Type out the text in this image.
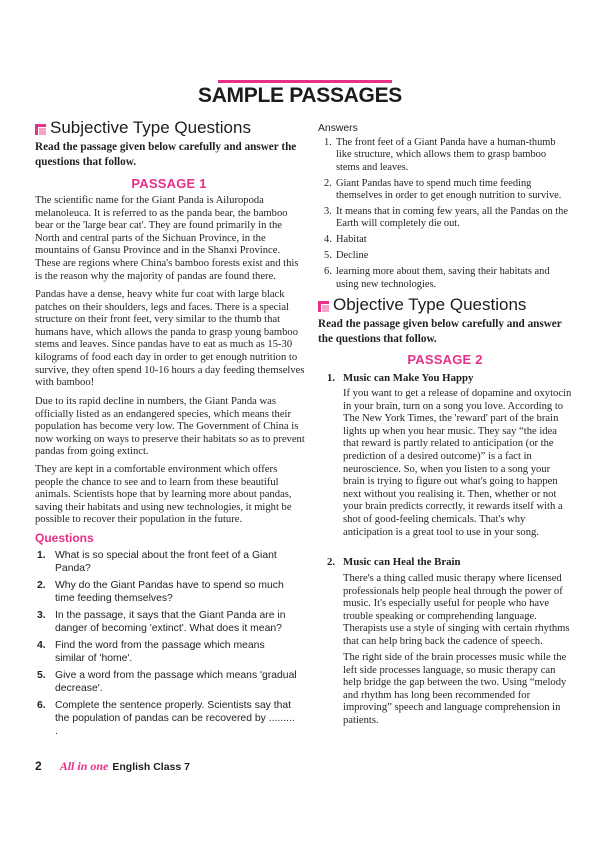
SAMPLE PASSAGES
Subjective Type Questions
Read the passage given below carefully and answer the questions that follow.
PASSAGE 1

The scientific name for the Giant Panda is Ailuropoda melanoleuca. It is referred to as the panda bear, the bamboo bear or the 'large bear cat'. They are found primarily in the North and central parts of the Sichuan Province, in the mountains of Gansu Province and in the Shanxi Province. These are regions where China's bamboo forests exist and this is the reason why the majority of pandas are found there.

Pandas have a dense, heavy white fur coat with large black patches on their shoulders, legs and faces. There is a special structure on their front feet, very similar to the thumb that humans have, which allows the panda to grasp young bamboo stems and leaves. Since pandas have to eat as much as 15-30 kilograms of food each day in order to get enough nutrition to survive, they often spend 10-16 hours a day feeding themselves with bamboo!

Due to its rapid decline in numbers, the Giant Panda was officially listed as an endangered species, which means their population has become very low. The Government of China is now working on ways to preserve their habitats so as to prevent pandas from going extinct.

They are kept in a comfortable environment which offers people the chance to see and to learn from these beautiful animals. Scientists hope that by learning more about pandas, saving their habitats and using new technologies, it might be possible to recover their population in the future.

Questions
1. What is so special about the front feet of a Giant Panda?
2. Why do the Giant Pandas have to spend so much time feeding themselves?
3. In the passage, it says that the Giant Panda are in danger of becoming 'extinct'. What does it mean?
4. Find the word from the passage which means similar of 'home'.
5. Give a word from the passage which means 'gradual decrease'.
6. Complete the sentence properly. Scientists say that the population of pandas can be recovered by ......... .
Answers
1. The front feet of a Giant Panda have a human-thumb like structure, which allows them to grasp bamboo stems and leaves.
2. Giant Pandas have to spend much time feeding themselves in order to get enough nutrition to survive.
3. It means that in coming few years, all the Pandas on the Earth will completely die out.
4. Habitat
5. Decline
6. learning more about them, saving their habitats and using new technologies.
Objective Type Questions
Read the passage given below carefully and answer the questions that follow.
PASSAGE 2
1. Music can Make You Happy

If you want to get a release of dopamine and oxytocin in your brain, turn on a song you love. According to The New York Times, the 'reward' part of the brain lights up when you hear music. They say “the idea that reward is partly related to anticipation (or the prediction of a desired outcome)” is a fact in neuroscience. So, when you listen to a song your brain is trying to figure out what's going to happen next without you realising it. Then, whether or not your brain predicts correctly, it rewards itself with a shot of good-feeling chemicals. That's why anticipation is a great tool to use in your song.

2. Music can Heal the Brain

There's a thing called music therapy where licensed professionals help people heal through the power of music. It's especially useful for people who have trouble speaking or comprehending language. Therapists use a style of singing with certain rhythms that can help bring back the cadence of speech.

The right side of the brain processes music while the left side processes language, so music therapy can help bridge the gap between the two. Using “melody and rhythm has long been recommended for improving” speech and language comprehension in patients.

2 All in one English Class 7
